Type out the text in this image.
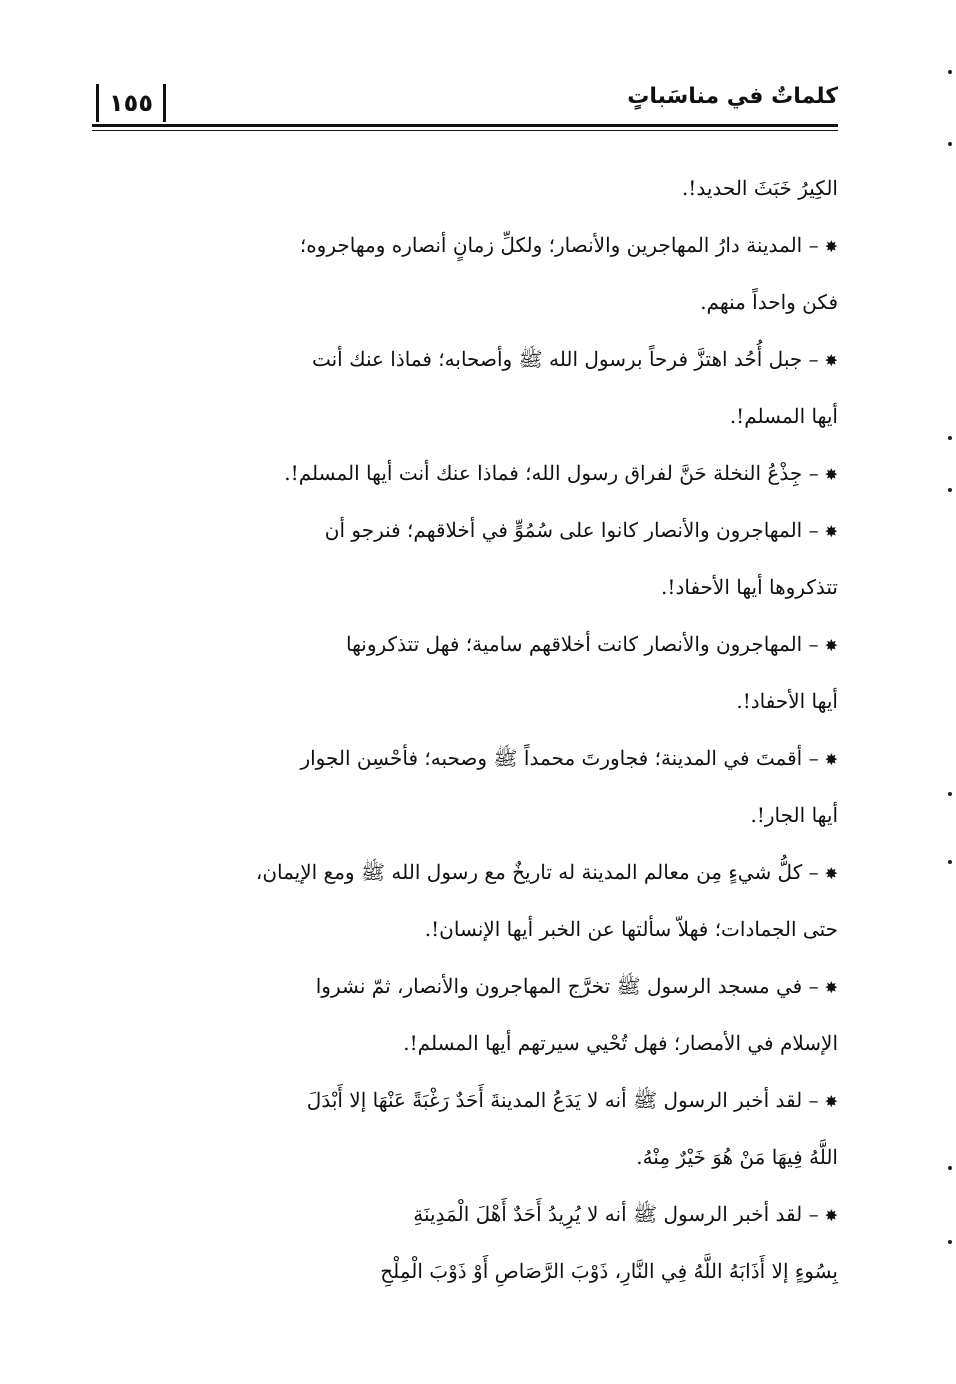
١٥٥	كلماتٌ في مناسَباتٍ
الكِيرُ خَبَثَ الحديد!.
✸– المدينة دارُ المهاجرين والأنصار؛ ولكلِّ زمانٍ أنصاره ومهاجروه؛
فكن واحداً منهم.
✸– جبل أُحُد اهتزَّ فرحاً برسول الله ﷺ وأصحابه؛ فماذا عنك أنت
أيها المسلم!.
✸– جِذْعُ النخلة حَنَّ لفراق رسول الله؛ فماذا عنك أنت أيها المسلم!.
✸– المهاجرون والأنصار كانوا على سُمُوٍّ في أخلاقهم؛ فنرجو أن
تتذكروها أيها الأحفاد!.
✸– المهاجرون والأنصار كانت أخلاقهم سامية؛ فهل تتذكرونها
أيها الأحفاد!.
✸– أقمتَ في المدينة؛ فجاورتَ محمداً ﷺ وصحبه؛ فأحْسِن الجوار
أيها الجار!.
✸– كلُّ شيءٍ مِن معالم المدينة له تاريخٌ مع رسول الله ﷺ ومع الإيمان،
حتى الجمادات؛ فهلاّ سألتها عن الخبر أيها الإنسان!.
✸– في مسجد الرسول ﷺ تخرَّج المهاجرون والأنصار، ثمّ نشروا
الإسلام في الأمصار؛ فهل تُحْيي سيرتهم أيها المسلم!.
✸– لقد أخبر الرسول ﷺ أنه لا يَدَعُ المدينةَ أَحَدٌ رَغْبَةً عَنْهَا إلا أَبْدَلَ
اللَّهُ فِيهَا مَنْ هُوَ خَيْرٌ مِنْهُ.
✸– لقد أخبر الرسول ﷺ أنه لا يُرِيدُ أَحَدٌ أَهْلَ الْمَدِينَةِ
بِسُوءٍ إلا أَذَابَهُ اللَّهُ فِي النَّارِ، ذَوْبَ الرَّصَاصِ أَوْ ذَوْبَ الْمِلْحِ
